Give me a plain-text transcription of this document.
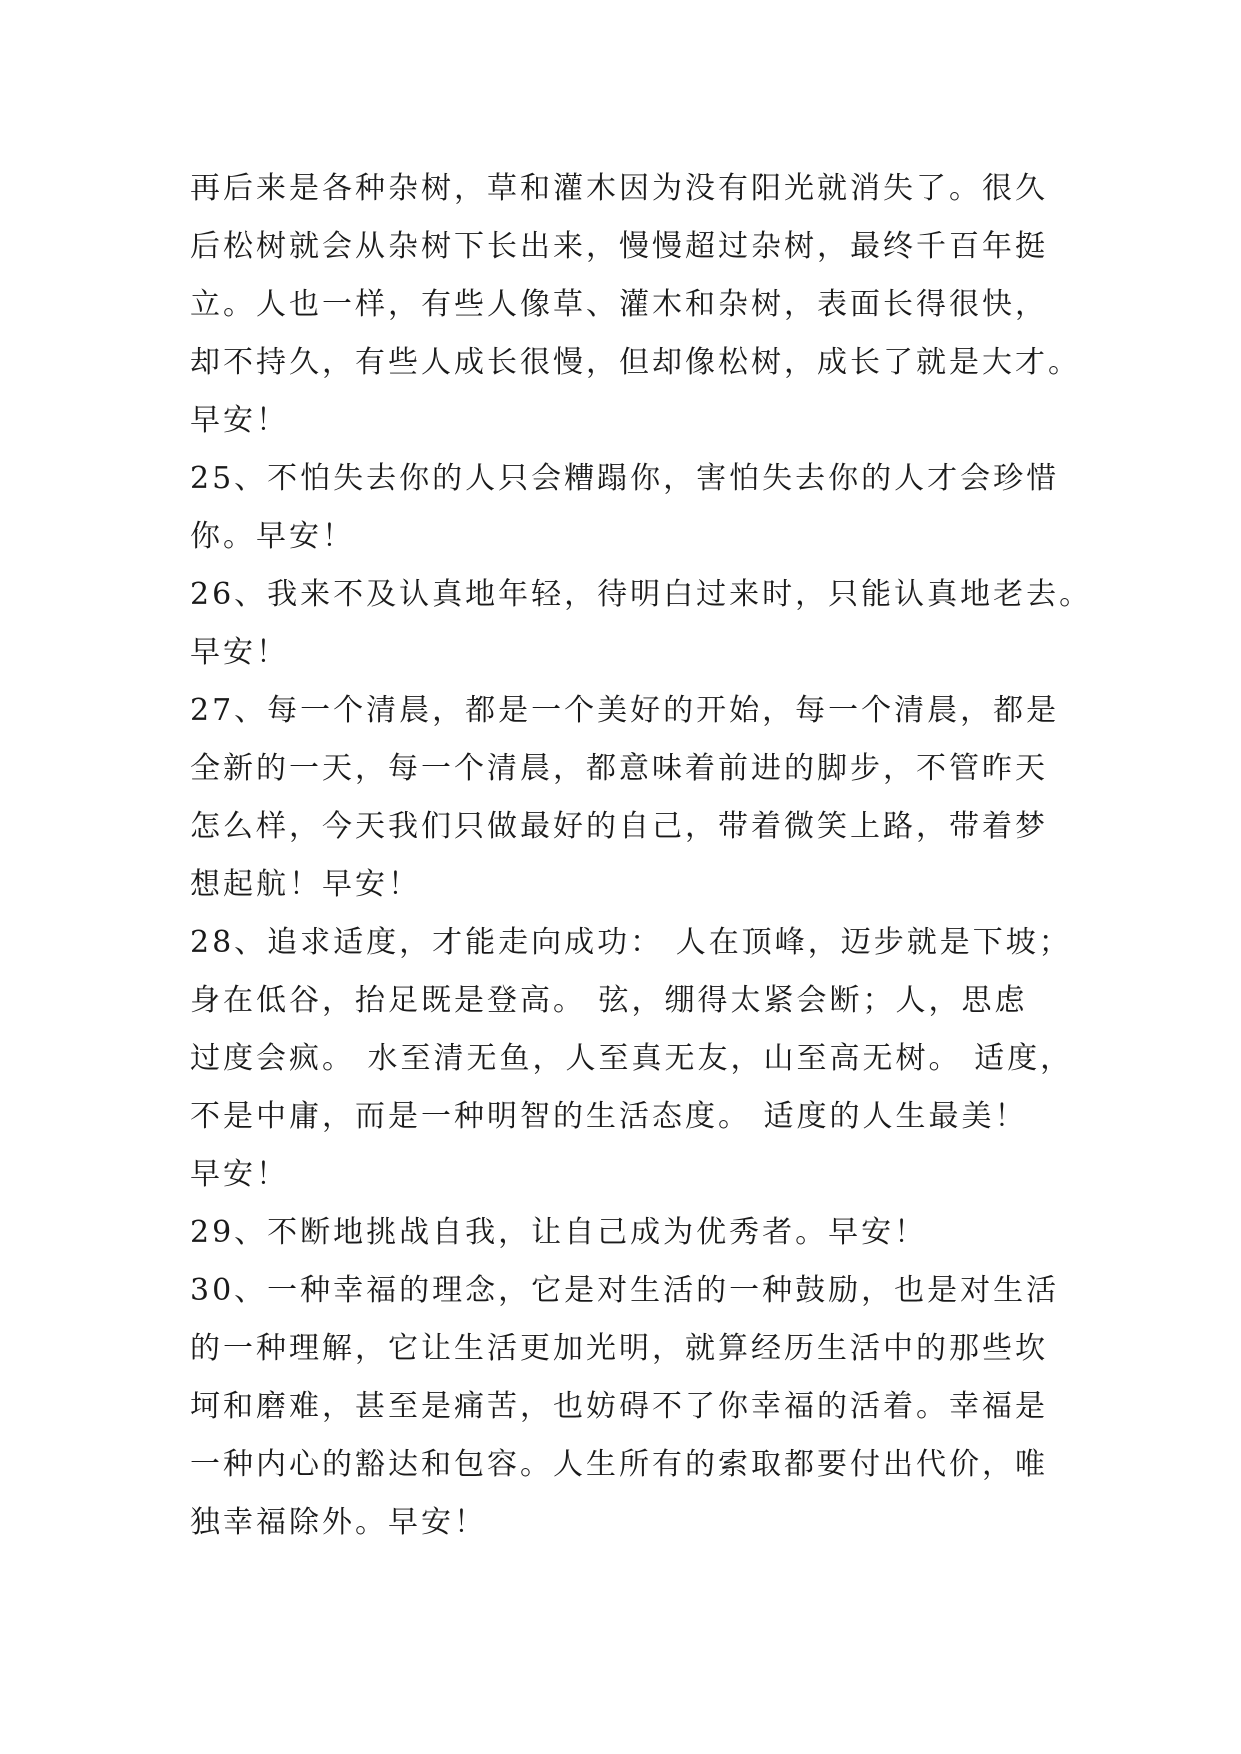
再后来是各种杂树，草和灌木因为没有阳光就消失了。很久
后松树就会从杂树下长出来，慢慢超过杂树，最终千百年挺
立。人也一样，有些人像草、灌木和杂树，表面长得很快，
却不持久，有些人成长很慢，但却像松树，成长了就是大才。
早安！
25、不怕失去你的人只会糟蹋你，害怕失去你的人才会珍惜
你。早安！
26、我来不及认真地年轻，待明白过来时，只能认真地老去。
早安！
27、每一个清晨，都是一个美好的开始，每一个清晨，都是
全新的一天，每一个清晨，都意味着前进的脚步，不管昨天
怎么样，今天我们只做最好的自己，带着微笑上路，带着梦
想起航！早安！
28、追求适度，才能走向成功： 人在顶峰，迈步就是下坡；
身在低谷，抬足既是登高。 弦，绷得太紧会断；人，思虑
过度会疯。 水至清无鱼，人至真无友，山至高无树。 适度，
不是中庸，而是一种明智的生活态度。 适度的人生最美！
早安！
29、不断地挑战自我，让自己成为优秀者。早安！
30、一种幸福的理念，它是对生活的一种鼓励，也是对生活
的一种理解，它让生活更加光明，就算经历生活中的那些坎
坷和磨难，甚至是痛苦，也妨碍不了你幸福的活着。幸福是
一种内心的豁达和包容。人生所有的索取都要付出代价，唯
独幸福除外。早安！
